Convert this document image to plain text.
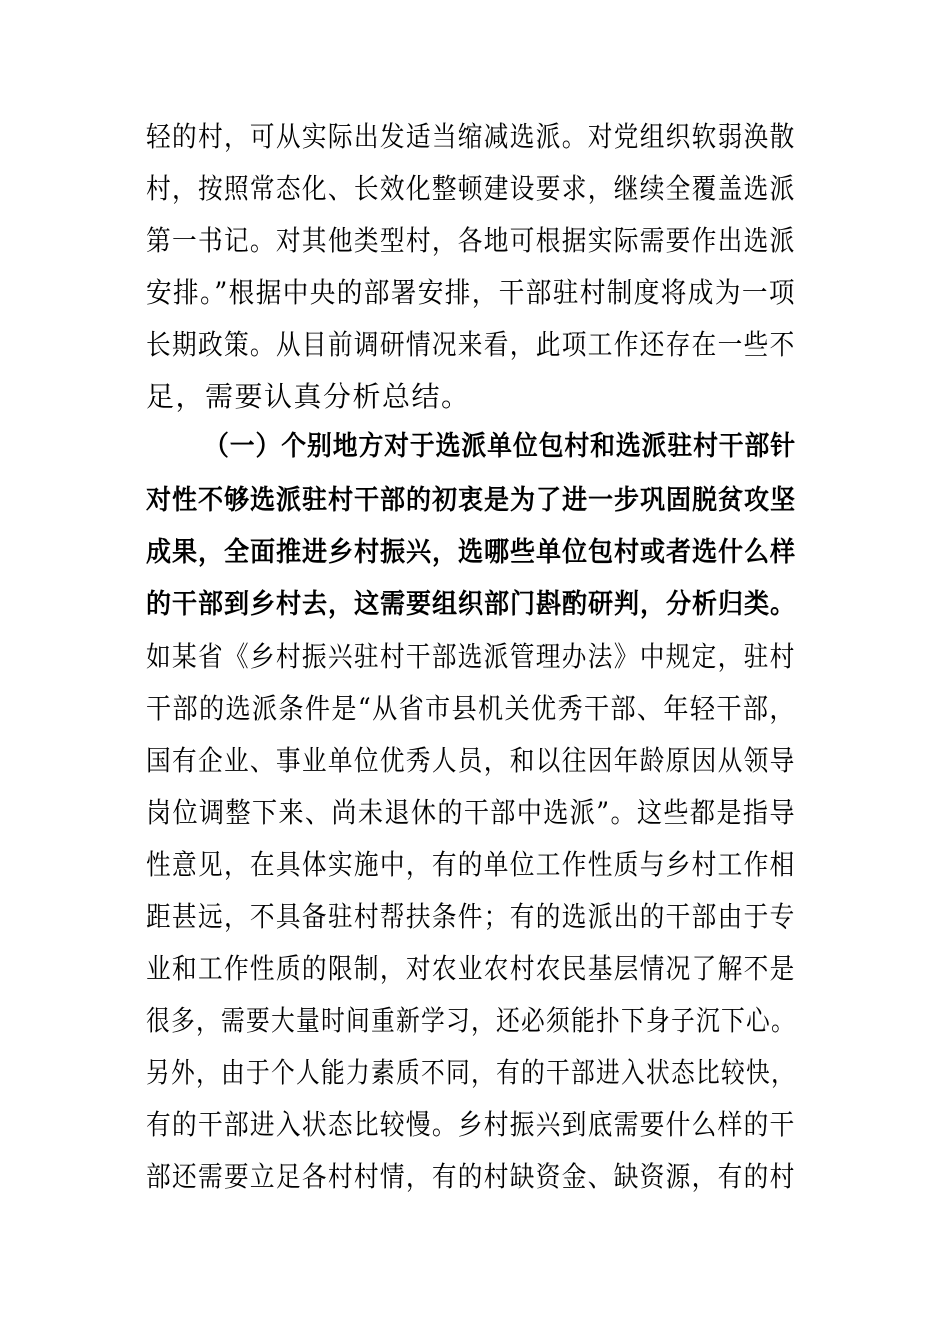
轻的村，可从实际出发适当缩减选派。对党组织软弱涣散
村，按照常态化、长效化整顿建设要求，继续全覆盖选派
第一书记。对其他类型村，各地可根据实际需要作出选派
安排。”根据中央的部署安排，干部驻村制度将成为一项
长期政策。从目前调研情况来看，此项工作还存在一些不
足，需要认真分析总结。
（一）个别地方对于选派单位包村和选派驻村干部针
对性不够选派驻村干部的初衷是为了进一步巩固脱贫攻坚
成果，全面推进乡村振兴，选哪些单位包村或者选什么样
的干部到乡村去，这需要组织部门斟酌研判，分析归类。
如某省《乡村振兴驻村干部选派管理办法》中规定，驻村
干部的选派条件是“从省市县机关优秀干部、年轻干部，
国有企业、事业单位优秀人员，和以往因年龄原因从领导
岗位调整下来、尚未退休的干部中选派”。这些都是指导
性意见，在具体实施中，有的单位工作性质与乡村工作相
距甚远，不具备驻村帮扶条件；有的选派出的干部由于专
业和工作性质的限制，对农业农村农民基层情况了解不是
很多，需要大量时间重新学习，还必须能扑下身子沉下心。
另外，由于个人能力素质不同，有的干部进入状态比较快，
有的干部进入状态比较慢。乡村振兴到底需要什么样的干
部还需要立足各村村情，有的村缺资金、缺资源，有的村
